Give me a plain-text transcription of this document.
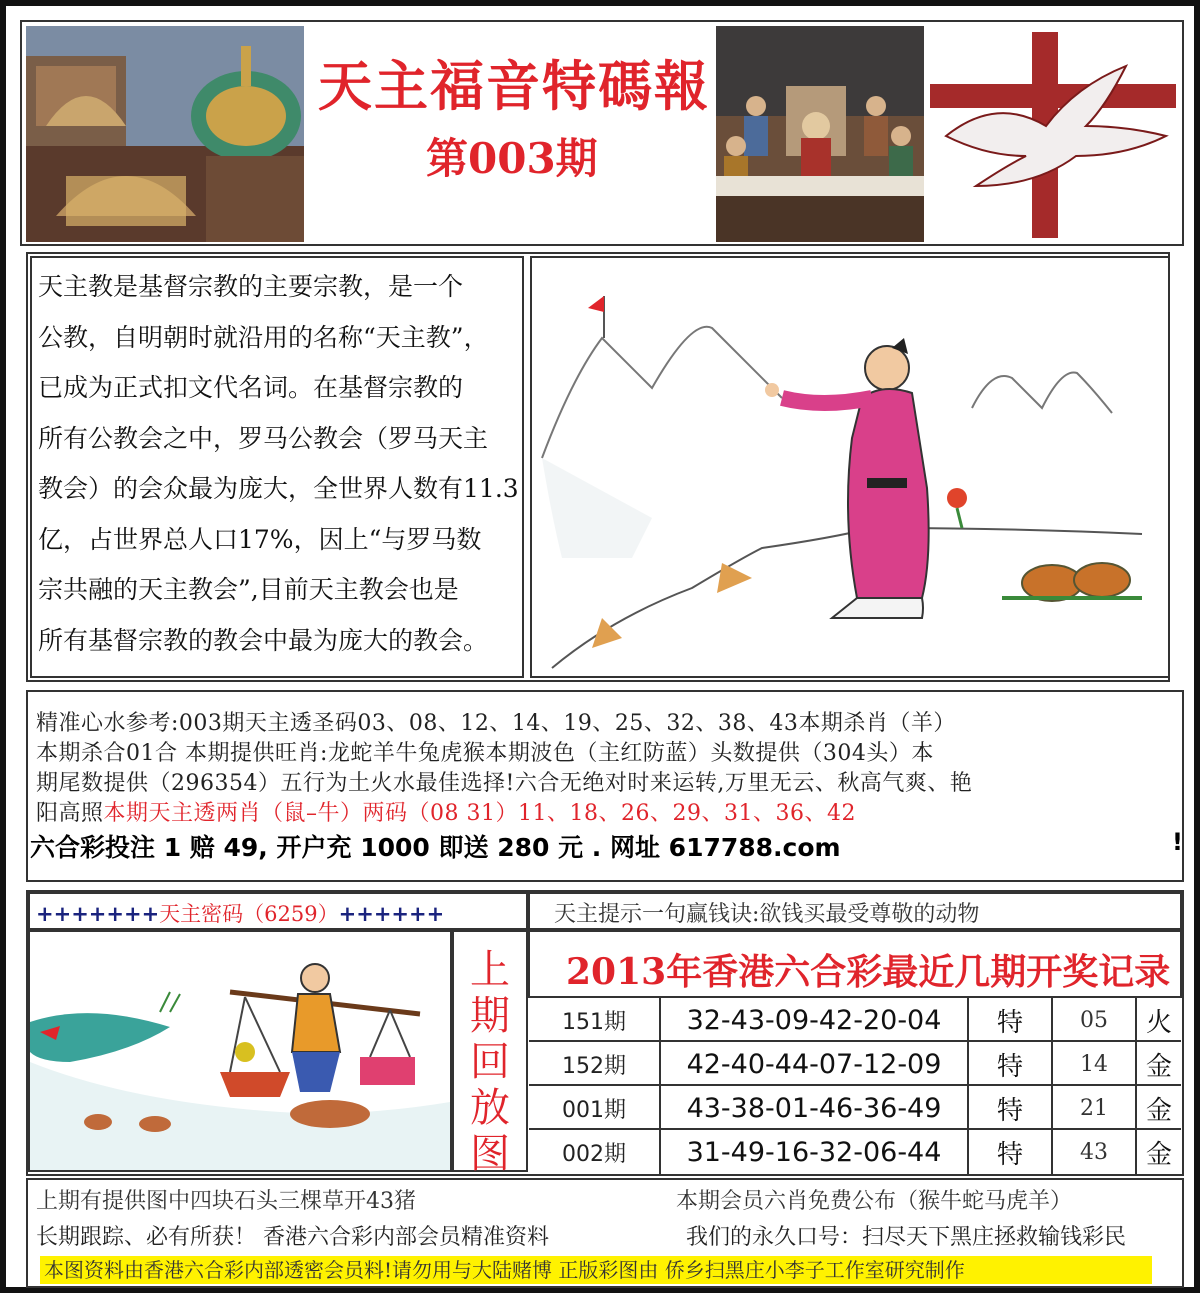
天主福音特碼報
第003期

天主教是基督宗教的主要宗教，是一个

公教，自明朝时就沿用的名称“天主教”，

已成为正式扣文代名词。在基督宗教的

所有公教会之中，罗马公教会（罗马天主

教会）的会众最为庞大，全世界人数有11.3

亿，占世界总人口17%，因上“与罗马数

宗共融的天主教会”,目前天主教会也是

所有基督宗教的教会中最为庞大的教会。

精准心水参考:003期天主透圣码03、08、12、14、19、25、32、38、43本期杀肖（羊）
本期杀合01合 本期提供旺肖:龙蛇羊牛兔虎猴本期波色（主红防蓝）头数提供（304头）本
期尾数提供（296354）五行为土火水最佳选择!六合无绝对时来运转,万里无云、秋高气爽、艳
阳高照本期天主透两肖（鼠–牛）两码（08 31）11、18、26、29、31、36、42
六合彩投注 1 赔 49, 开户充 1000 即送 280 元 . 网址 617788.com	!
+++++++天主密码（6259）++++++	天主提示一句赢钱诀:欲钱买最受尊敬的动物
上
期
回
放
图
2013年香港六合彩最近几期开奖记录
151期 32-43-09-42-20-04 特	05 火
152期 42-40-44-07-12-09 特	14 金
001期 43-38-01-46-36-49 特	21 金
002期 31-49-16-32-06-44 特	43 金
上期有提供图中四块石头三棵草开43猪	本期会员六肖免费公布（猴牛蛇马虎羊）
长期跟踪、必有所获！ 香港六合彩内部会员精准资料	我们的永久口号：扫尽天下黑庄拯救输钱彩民
本图资料由香港六合彩内部透密会员料!请勿用与大陆赌博 正版彩图由 侨乡扫黑庄小李子工作室研究制作
